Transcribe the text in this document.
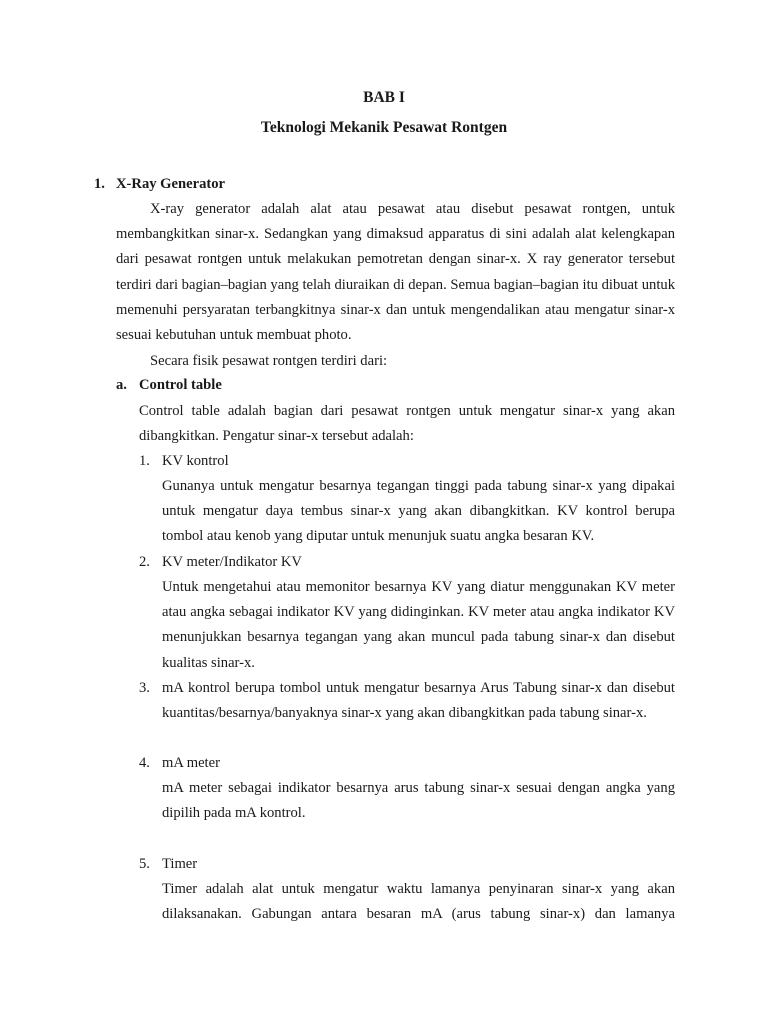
BAB I

Teknologi Mekanik Pesawat Rontgen

1. X-Ray Generator

X-ray generator adalah alat atau pesawat atau disebut pesawat rontgen, untuk membangkitkan sinar-x. Sedangkan yang dimaksud apparatus di sini adalah alat kelengkapan dari pesawat rontgen untuk melakukan pemotretan dengan sinar-x. X ray generator tersebut terdiri dari bagian–bagian yang telah diuraikan di depan. Semua bagian–bagian itu dibuat untuk memenuhi persyaratan terbangkitnya sinar-x dan untuk mengendalikan atau mengatur sinar-x sesuai kebutuhan untuk membuat photo.

Secara fisik pesawat rontgen terdiri dari:

a. Control table

Control table adalah bagian dari pesawat rontgen untuk mengatur sinar-x yang akan dibangkitkan. Pengatur sinar-x tersebut adalah:

1. KV kontrol

Gunanya untuk mengatur besarnya tegangan tinggi pada tabung sinar-x yang dipakai untuk mengatur daya tembus sinar-x yang akan dibangkitkan. KV kontrol berupa tombol atau kenob yang diputar untuk menunjuk suatu angka besaran KV.

2. KV meter/Indikator KV

Untuk mengetahui atau memonitor besarnya KV yang diatur menggunakan KV meter atau angka sebagai indikator KV yang didinginkan. KV meter atau angka indikator KV menunjukkan besarnya tegangan yang akan muncul pada tabung sinar-x dan disebut kualitas sinar-x.

3. mA kontrol berupa tombol untuk mengatur besarnya Arus Tabung sinar-x dan disebut kuantitas/besarnya/banyaknya sinar-x yang akan dibangkitkan pada tabung sinar-x.

4. mA meter

mA meter sebagai indikator besarnya arus tabung sinar-x sesuai dengan angka yang dipilih pada mA kontrol.

5. Timer

Timer adalah alat untuk mengatur waktu lamanya penyinaran sinar-x yang akan dilaksanakan. Gabungan antara besaran mA (arus tabung sinar-x) dan lamanya
